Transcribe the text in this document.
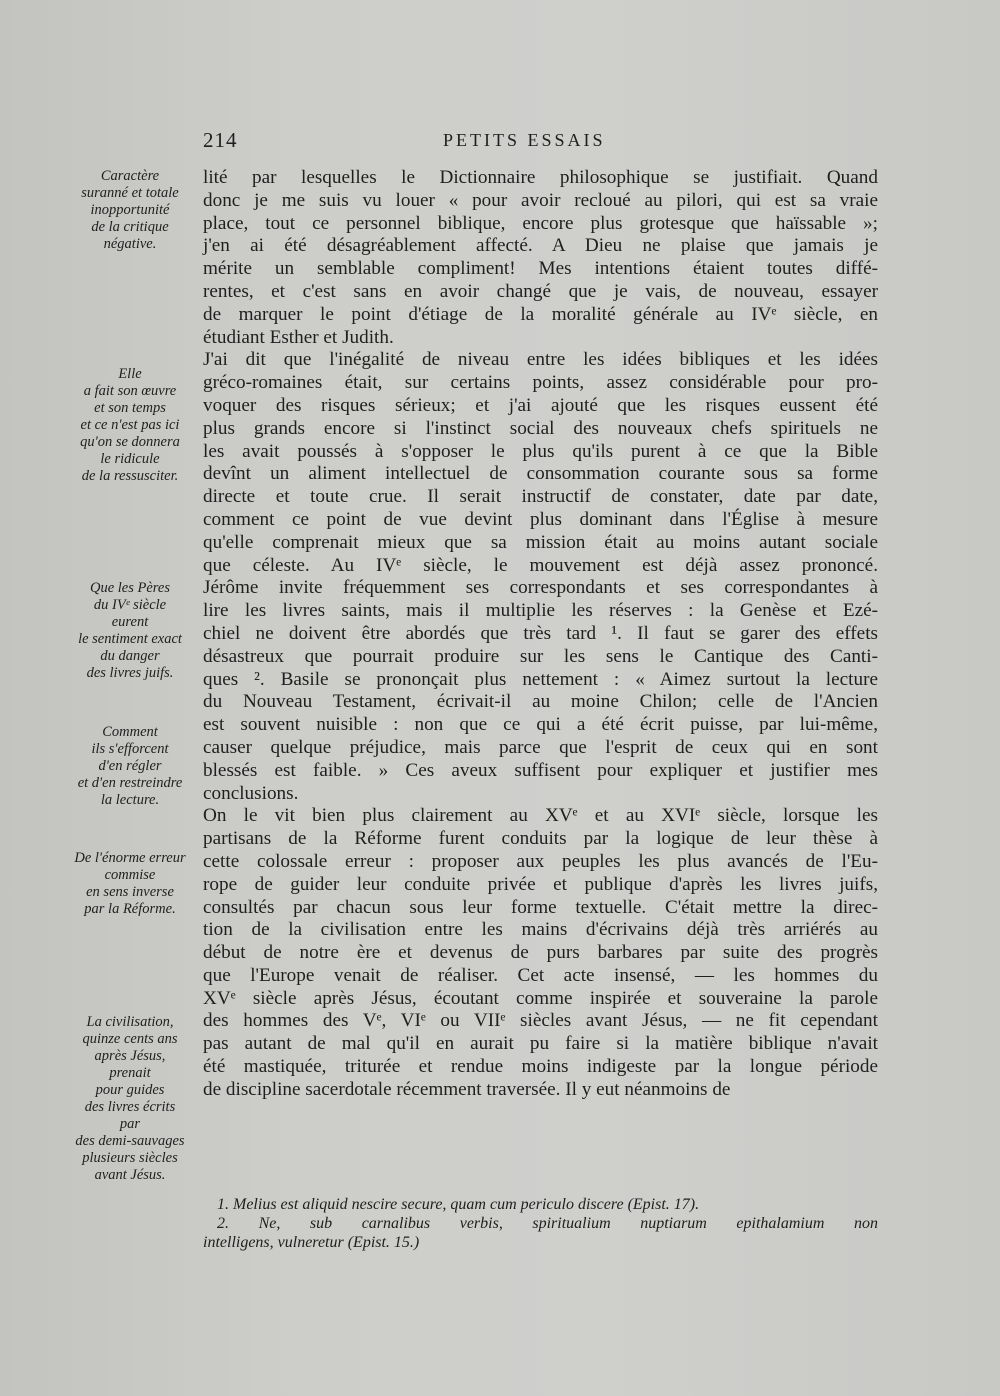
214	PETITS ESSAIS
Caractère
suranné et totale
inopportunité
de la critique
négative.
Elle
a fait son œuvre
et son temps
et ce n'est pas ici
qu'on se donnera
le ridicule
de la ressusciter.
Que les Pères
du IVᵉ siècle
eurent
le sentiment exact
du danger
des livres juifs.
Comment
ils s'efforcent
d'en régler
et d'en restreindre
la lecture.
De l'énorme erreur
commise
en sens inverse
par la Réforme.
La civilisation,
quinze cents ans
après Jésus,
prenait
pour guides
des livres écrits
par
des demi-sauvages
plusieurs siècles
avant Jésus.
lité par lesquelles le Dictionnaire philosophique se justifiait. Quand
donc je me suis vu louer « pour avoir recloué au pilori, qui est sa vraie
place, tout ce personnel biblique, encore plus grotesque que haïssable »;
j'en ai été désagréablement affecté. A Dieu ne plaise que jamais je
mérite un semblable compliment! Mes intentions étaient toutes diffé-
rentes, et c'est sans en avoir changé que je vais, de nouveau, essayer
de marquer le point d'étiage de la moralité générale au IVᵉ siècle, en
étudiant Esther et Judith.
J'ai dit que l'inégalité de niveau entre les idées bibliques et les idées
gréco-romaines était, sur certains points, assez considérable pour pro-
voquer des risques sérieux; et j'ai ajouté que les risques eussent été
plus grands encore si l'instinct social des nouveaux chefs spirituels ne
les avait poussés à s'opposer le plus qu'ils purent à ce que la Bible
devînt un aliment intellectuel de consommation courante sous sa forme
directe et toute crue. Il serait instructif de constater, date par date,
comment ce point de vue devint plus dominant dans l'Église à mesure
qu'elle comprenait mieux que sa mission était au moins autant sociale
que céleste. Au IVᵉ siècle, le mouvement est déjà assez prononcé.
Jérôme invite fréquemment ses correspondants et ses correspondantes à
lire les livres saints, mais il multiplie les réserves : la Genèse et Ezé-
chiel ne doivent être abordés que très tard ¹. Il faut se garer des effets
désastreux que pourrait produire sur les sens le Cantique des Canti-
ques ². Basile se prononçait plus nettement : « Aimez surtout la lecture
du Nouveau Testament, écrivait-il au moine Chilon; celle de l'Ancien
est souvent nuisible : non que ce qui a été écrit puisse, par lui-même,
causer quelque préjudice, mais parce que l'esprit de ceux qui en sont
blessés est faible. » Ces aveux suffisent pour expliquer et justifier mes
conclusions.
On le vit bien plus clairement au XVᵉ et au XVIᵉ siècle, lorsque les
partisans de la Réforme furent conduits par la logique de leur thèse à
cette colossale erreur : proposer aux peuples les plus avancés de l'Eu-
rope de guider leur conduite privée et publique d'après les livres juifs,
consultés par chacun sous leur forme textuelle. C'était mettre la direc-
tion de la civilisation entre les mains d'écrivains déjà très arriérés au
début de notre ère et devenus de purs barbares par suite des progrès
que l'Europe venait de réaliser. Cet acte insensé, — les hommes du
XVᵉ siècle après Jésus, écoutant comme inspirée et souveraine la parole
des hommes des Vᵉ, VIᵉ ou VIIᵉ siècles avant Jésus, — ne fit cependant
pas autant de mal qu'il en aurait pu faire si la matière biblique n'avait
été mastiquée, triturée et rendue moins indigeste par la longue période
de discipline sacerdotale récemment traversée. Il y eut néanmoins de
1. Melius est aliquid nescire secure, quam cum periculo discere (Epist. 17).
2. Ne, sub carnalibus verbis, spiritualium nuptiarum epithalamium non
intelligens, vulneretur (Epist. 15.)
